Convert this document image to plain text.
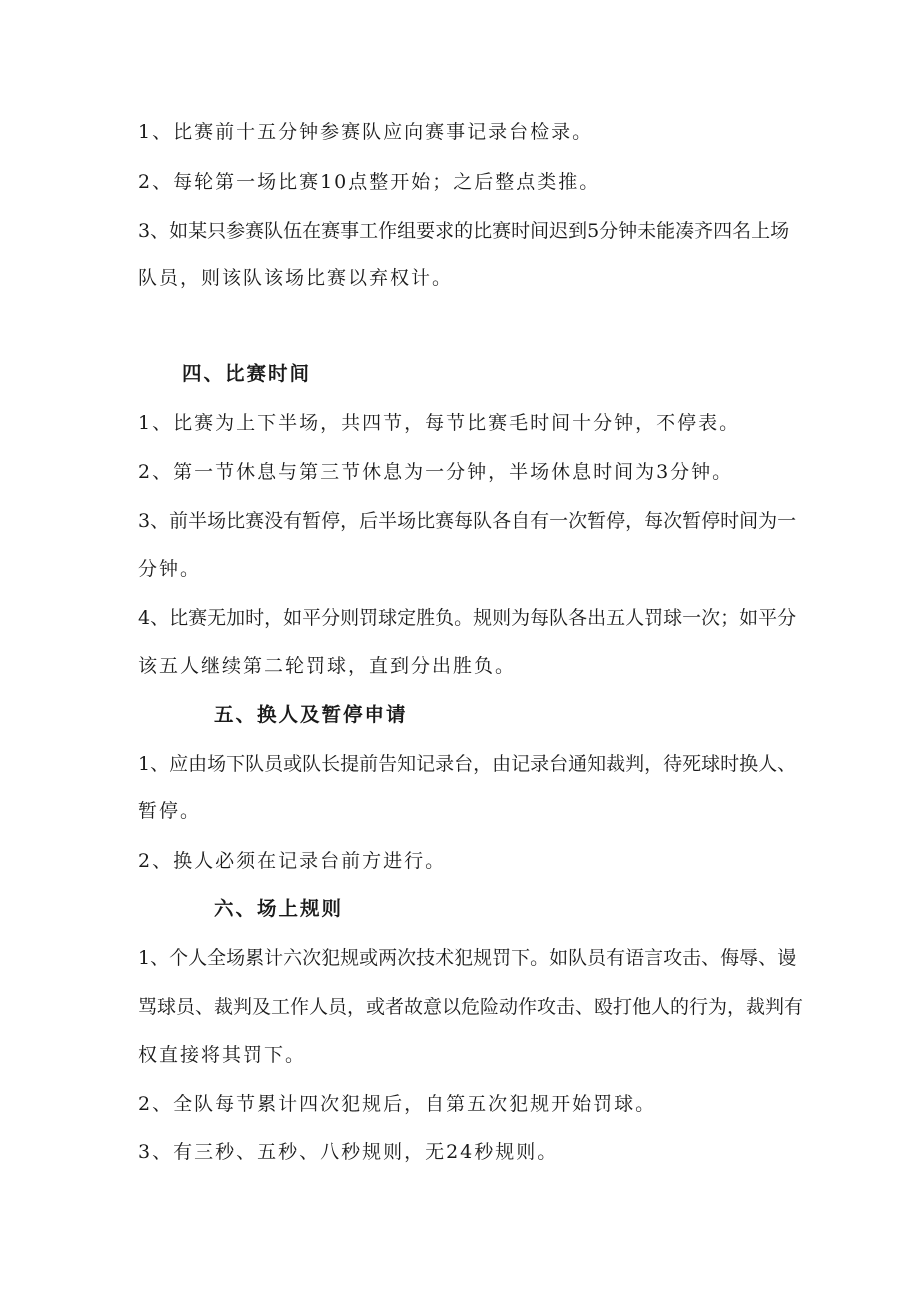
1、比赛前十五分钟参赛队应向赛事记录台检录。
2、每轮第一场比赛10点整开始；之后整点类推。
3、如某只参赛队伍在赛事工作组要求的比赛时间迟到5分钟未能凑齐四名上场
队员，则该队该场比赛以弃权计。
四、比赛时间
1、比赛为上下半场，共四节，每节比赛毛时间十分钟，不停表。
2、第一节休息与第三节休息为一分钟，半场休息时间为3分钟。
3、前半场比赛没有暂停，后半场比赛每队各自有一次暂停，每次暂停时间为一
分钟。
4、比赛无加时，如平分则罚球定胜负。规则为每队各出五人罚球一次；如平分
该五人继续第二轮罚球，直到分出胜负。
五、换人及暂停申请
1、应由场下队员或队长提前告知记录台，由记录台通知裁判，待死球时换人、
暂停。
2、换人必须在记录台前方进行。
六、场上规则
1、个人全场累计六次犯规或两次技术犯规罚下。如队员有语言攻击、侮辱、谩
骂球员、裁判及工作人员，或者故意以危险动作攻击、殴打他人的行为，裁判有
权直接将其罚下。
2、全队每节累计四次犯规后，自第五次犯规开始罚球。
3、有三秒、五秒、八秒规则，无24秒规则。
